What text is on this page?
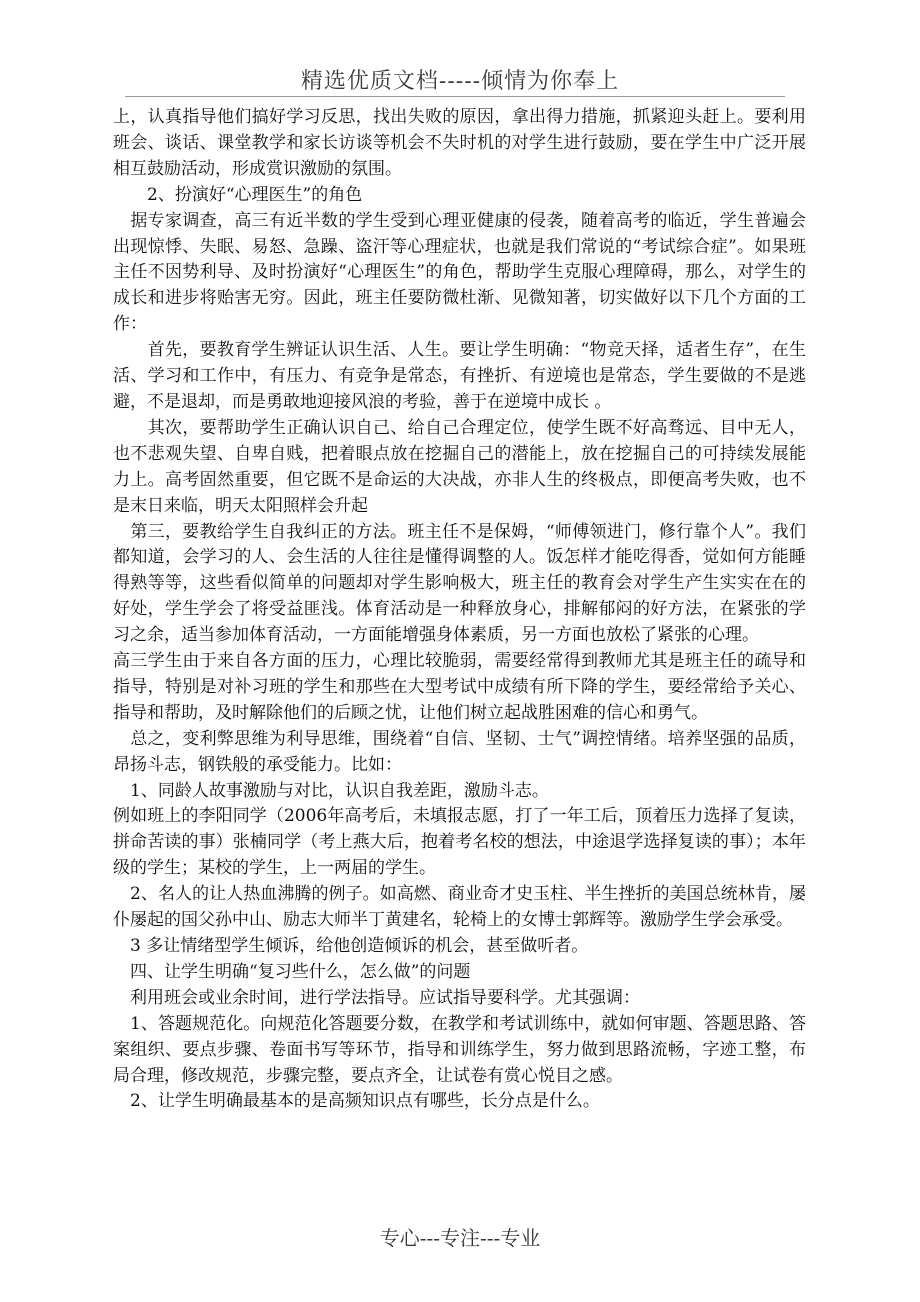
精选优质文档-----倾情为你奉上

上，认真指导他们搞好学习反思，找出失败的原因，拿出得力措施，抓紧迎头赶上。要利用班会、谈话、课堂教学和家长访谈等机会不失时机的对学生进行鼓励，要在学生中广泛开展相互鼓励活动，形成赏识激励的氛围。

　　2、扮演好“心理医生”的角色

　据专家调查，高三有近半数的学生受到心理亚健康的侵袭，随着高考的临近，学生普遍会出现惊悸、失眠、易怒、急躁、盗汗等心理症状，也就是我们常说的“考试综合症”。如果班主任不因势利导、及时扮演好“心理医生”的角色，帮助学生克服心理障碍，那么，对学生的成长和进步将贻害无穷。因此，班主任要防微杜渐、见微知著，切实做好以下几个方面的工作：

　　首先，要教育学生辨证认识生活、人生。要让学生明确：“物竞天择，适者生存”，在生活、学习和工作中，有压力、有竞争是常态，有挫折、有逆境也是常态，学生要做的不是逃避，不是退却，而是勇敢地迎接风浪的考验，善于在逆境中成长 。

　　其次，要帮助学生正确认识自己、给自己合理定位，使学生既不好高骛远、目中无人，也不悲观失望、自卑自贱，把着眼点放在挖掘自己的潜能上，放在挖掘自己的可持续发展能力上。高考固然重要，但它既不是命运的大决战，亦非人生的终极点，即便高考失败，也不是末日来临，明天太阳照样会升起

　第三，要教给学生自我纠正的方法。班主任不是保姆，“师傅领进门，修行靠个人”。我们都知道，会学习的人、会生活的人往往是懂得调整的人。饭怎样才能吃得香，觉如何方能睡得熟等等，这些看似简单的问题却对学生影响极大，班主任的教育会对学生产生实实在在的好处，学生学会了将受益匪浅。体育活动是一种释放身心，排解郁闷的好方法，在紧张的学习之余，适当参加体育活动，一方面能增强身体素质，另一方面也放松了紧张的心理。

高三学生由于来自各方面的压力，心理比较脆弱，需要经常得到教师尤其是班主任的疏导和指导，特别是对补习班的学生和那些在大型考试中成绩有所下降的学生，要经常给予关心、指导和帮助，及时解除他们的后顾之忧，让他们树立起战胜困难的信心和勇气。

　总之，变利弊思维为利导思维，围绕着“自信、坚韧、士气”调控情绪。培养坚强的品质，昂扬斗志，钢铁般的承受能力。比如：

　1、同龄人故事激励与对比，认识自我差距，激励斗志。

例如班上的李阳同学（2006年高考后，未填报志愿，打了一年工后，顶着压力选择了复读，拼命苦读的事）张楠同学（考上燕大后，抱着考名校的想法，中途退学选择复读的事）；本年级的学生；某校的学生，上一两届的学生。

　2、名人的让人热血沸腾的例子。如高燃、商业奇才史玉柱、半生挫折的美国总统林肯，屡仆屡起的国父孙中山、励志大师半丁黄建名，轮椅上的女博士郭辉等。激励学生学会承受。

　3 多让情绪型学生倾诉，给他创造倾诉的机会，甚至做听者。

　四、让学生明确“复习些什么，怎么做”的问题

　利用班会或业余时间，进行学法指导。应试指导要科学。尤其强调：

　1、答题规范化。向规范化答题要分数，在教学和考试训练中，就如何审题、答题思路、答案组织、要点步骤、卷面书写等环节，指导和训练学生，努力做到思路流畅，字迹工整，布局合理，修改规范，步骤完整，要点齐全，让试卷有赏心悦目之感。

　2、让学生明确最基本的是高频知识点有哪些，长分点是什么。

专心---专注---专业
